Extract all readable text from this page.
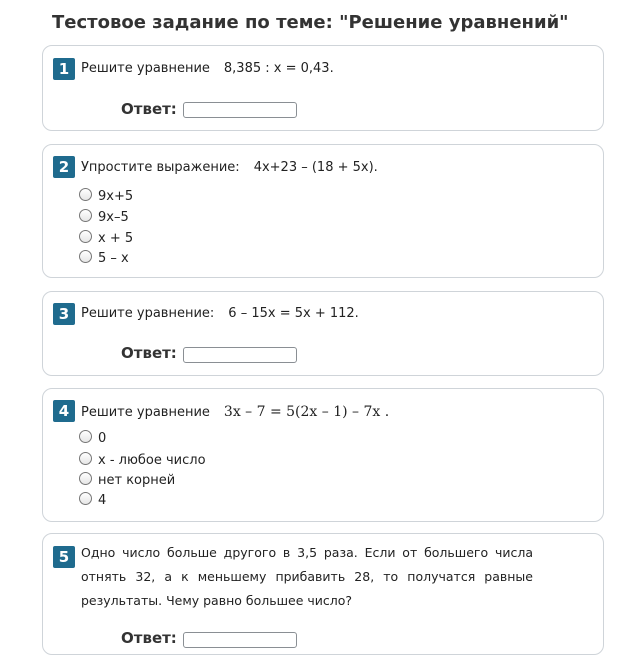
Тестовое задание по теме: "Решение уравнений"
1 Решите уравнение 8,385 : x = 0,43.
Ответ:
2 Упростите выражение: 4x+23 – (18 + 5x).
9x+5
9x–5
x + 5
5 – x
3 Решите уравнение: 6 – 15x = 5x + 112.
Ответ:
4 Решите уравнение 3x – 7 = 5(2x – 1) – 7x .
0
x - любое число
нет корней
4
5 Одно число больше другого в 3,5 раза. Если от большего числа отнять 32, а к меньшему прибавить 28, то получатся равные результаты. Чему равно большее число?
Ответ:
